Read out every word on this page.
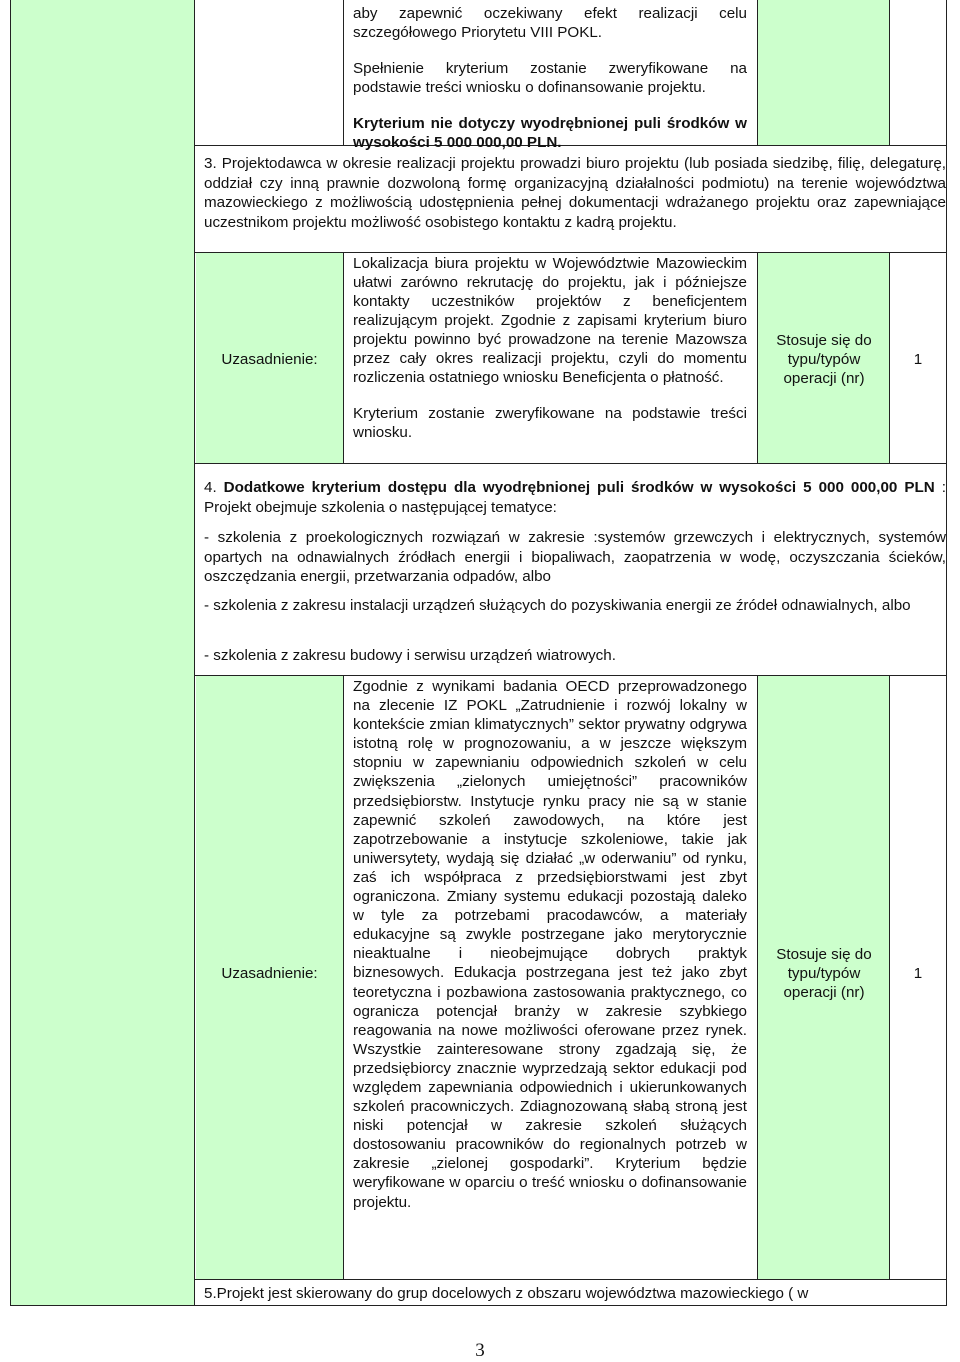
aby zapewnić oczekiwany efekt realizacji celu szczegółowego Priorytetu VIII POKL.

Spełnienie kryterium zostanie zweryfikowane na podstawie treści wniosku o dofinansowanie projektu.

Kryterium nie dotyczy wyodrębnionej puli środków w wysokości 5 000 000,00 PLN.

3. Projektodawca w okresie realizacji projektu prowadzi biuro projektu (lub posiada siedzibę, filię, delegaturę, oddział czy inną prawnie dozwoloną formę organizacyjną działalności podmiotu) na terenie województwa mazowieckiego z możliwością udostępnienia pełnej dokumentacji wdrażanego projektu oraz zapewniające uczestnikom projektu możliwość osobistego kontaktu z kadrą projektu.
Uzasadnienie:

Lokalizacja biura projektu w Województwie Mazowieckim ułatwi zarówno rekrutację do projektu, jak i późniejsze kontakty uczestników projektów z beneficjentem realizującym projekt. Zgodnie z zapisami kryterium biuro projektu powinno być prowadzone na terenie Mazowsza przez cały okres realizacji projektu, czyli do momentu rozliczenia ostatniego wniosku Beneficjenta o płatność.

Kryterium zostanie zweryfikowane na podstawie treści wniosku.

Stosuje się do typu/typów operacji (nr)
1
4. Dodatkowe kryterium dostępu dla wyodrębnionej puli środków w wysokości 5 000 000,00 PLN : Projekt obejmuje szkolenia o następującej tematyce:
- szkolenia z proekologicznych rozwiązań w zakresie :systemów grzewczych i elektrycznych, systemów opartych na odnawialnych źródłach energii i biopaliwach, zaopatrzenia w wodę, oczyszczania ścieków, oszczędzania energii, przetwarzania odpadów, albo
- szkolenia z zakresu instalacji urządzeń służących do pozyskiwania energii ze źródeł odnawialnych, albo
- szkolenia z zakresu budowy i serwisu urządzeń wiatrowych.
Uzasadnienie:
Zgodnie z wynikami badania OECD przeprowadzonego na zlecenie IZ POKL „Zatrudnienie i rozwój lokalny w kontekście zmian klimatycznych” sektor prywatny odgrywa istotną rolę w prognozowaniu, a w jeszcze większym stopniu w zapewnianiu odpowiednich szkoleń w celu zwiększenia „zielonych umiejętności” pracowników przedsiębiorstw. Instytucje rynku pracy nie są w stanie zapewnić szkoleń zawodowych, na które jest zapotrzebowanie a instytucje szkoleniowe, takie jak uniwersytety, wydają się działać „w oderwaniu” od rynku, zaś ich współpraca z przedsiębiorstwami jest zbyt ograniczona. Zmiany systemu edukacji pozostają daleko w tyle za potrzebami pracodawców, a materiały edukacyjne są zwykle postrzegane jako merytorycznie nieaktualne i nieobejmujące dobrych praktyk biznesowych. Edukacja postrzegana jest też jako zbyt teoretyczna i pozbawiona zastosowania praktycznego, co ogranicza potencjał branży w zakresie szybkiego reagowania na nowe możliwości oferowane przez rynek. Wszystkie zainteresowane strony zgadzają się, że przedsiębiorcy znacznie wyprzedzają sektor edukacji pod względem zapewniania odpowiednich i ukierunkowanych szkoleń pracowniczych. Zdiagnozowaną słabą stroną jest niski potencjał w zakresie szkoleń służących dostosowaniu pracowników do regionalnych potrzeb w zakresie „zielonej gospodarki”. Kryterium będzie weryfikowane w oparciu o treść wniosku o dofinansowanie projektu.
Stosuje się do typu/typów operacji (nr)
1
5.Projekt jest skierowany do grup docelowych z obszaru województwa mazowieckiego ( w
3
